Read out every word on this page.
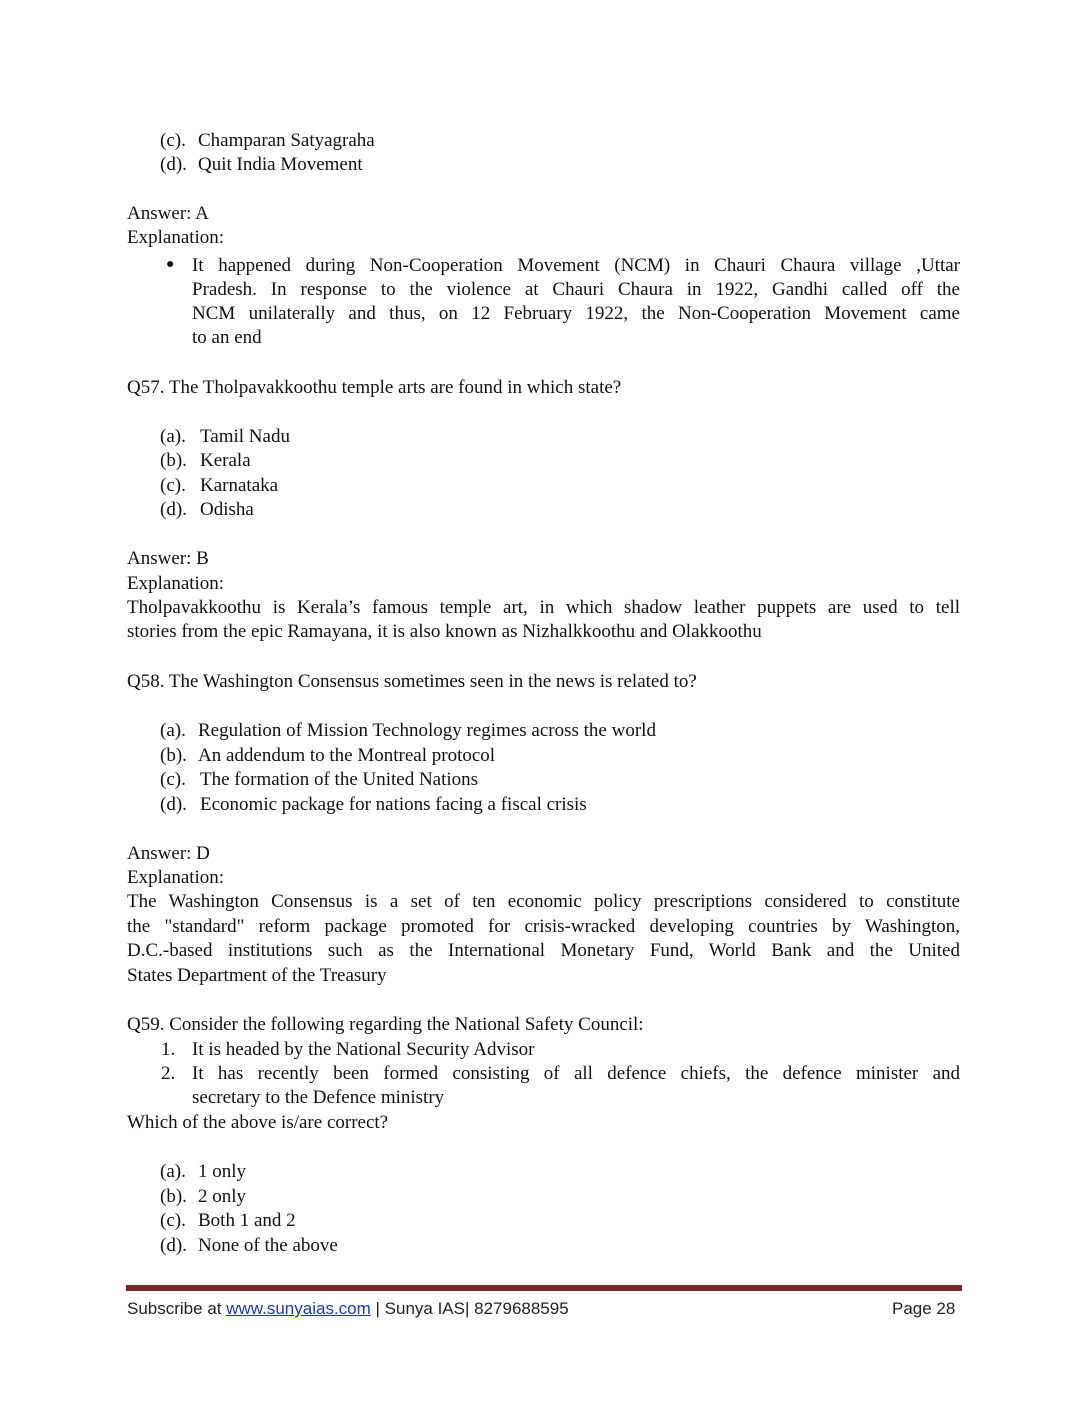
(c). Champaran Satyagraha
(d). Quit India Movement
Answer: A
Explanation:
● It happened during Non-Cooperation Movement (NCM) in Chauri Chaura village ,Uttar
Pradesh. In response to the violence at Chauri Chaura in 1922, Gandhi called off the
NCM unilaterally and thus, on 12 February 1922, the Non-Cooperation Movement came
to an end
Q57. The Tholpavakkoothu temple arts are found in which state?
(a). Tamil Nadu
(b). Kerala
(c). Karnataka
(d). Odisha
Answer: B
Explanation:
Tholpavakkoothu is Kerala’s famous temple art, in which shadow leather puppets are used to tell
stories from the epic Ramayana, it is also known as Nizhalkkoothu and Olakkoothu
Q58. The Washington Consensus sometimes seen in the news is related to?
(a). Regulation of Mission Technology regimes across the world
(b). An addendum to the Montreal protocol
(c). The formation of the United Nations
(d). Economic package for nations facing a fiscal crisis
Answer: D
Explanation:
The Washington Consensus is a set of ten economic policy prescriptions considered to constitute
the "standard" reform package promoted for crisis-wracked developing countries by Washington,
D.C.-based institutions such as the International Monetary Fund, World Bank and the United
States Department of the Treasury
Q59. Consider the following regarding the National Safety Council:
1. It is headed by the National Security Advisor
2. It has recently been formed consisting of all defence chiefs, the defence minister and
secretary to the Defence ministry
Which of the above is/are correct?
(a). 1 only
(b). 2 only
(c). Both 1 and 2
(d). None of the above
Subscribe at www.sunyaias.com | Sunya IAS| 8279688595	Page 28
